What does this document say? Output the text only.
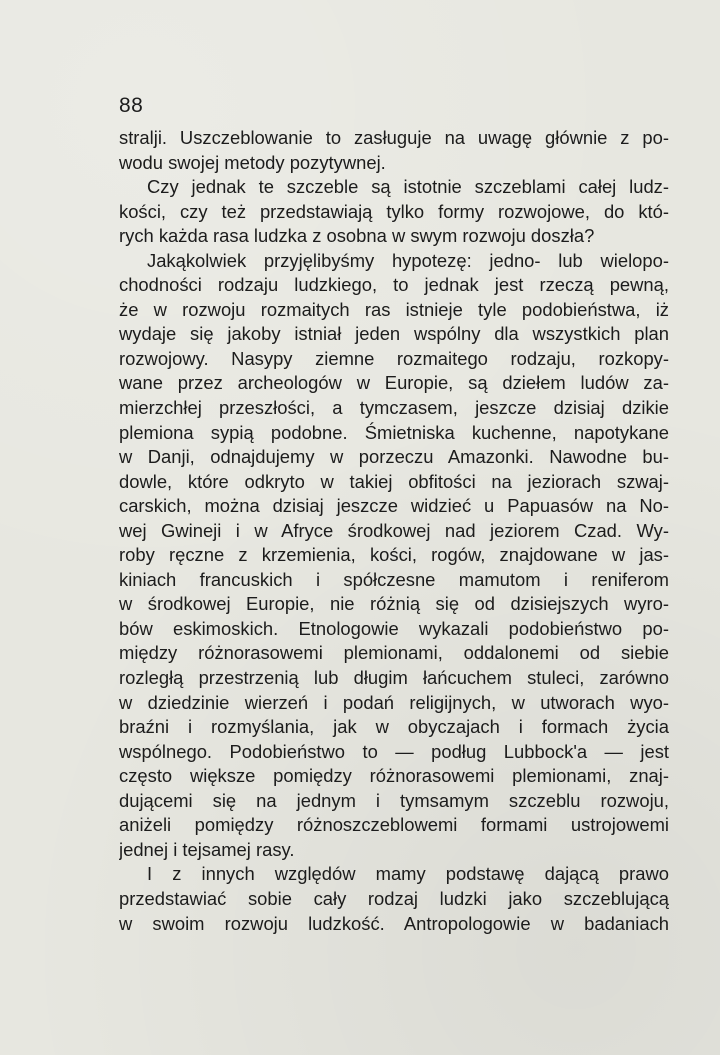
88
stralji. Uszczeblowanie to zasługuje na uwagę głównie z po-
wodu swojej metody pozytywnej.
Czy jednak te szczeble są istotnie szczeblami całej ludz-
kości, czy też przedstawiają tylko formy rozwojowe, do któ-
rych każda rasa ludzka z osobna w swym rozwoju doszła?
Jakąkolwiek przyjęlibyśmy hypotezę: jedno- lub wielopo-
chodności rodzaju ludzkiego, to jednak jest rzeczą pewną,
że w rozwoju rozmaitych ras istnieje tyle podobieństwa, iż
wydaje się jakoby istniał jeden wspólny dla wszystkich plan
rozwojowy. Nasypy ziemne rozmaitego rodzaju, rozkopy-
wane przez archeologów w Europie, są dziełem ludów za-
mierzchłej przeszłości, a tymczasem, jeszcze dzisiaj dzikie
plemiona sypią podobne. Śmietniska kuchenne, napotykane
w Danji, odnajdujemy w porzeczu Amazonki. Nawodne bu-
dowle, które odkryto w takiej obfitości na jeziorach szwaj-
carskich, można dzisiaj jeszcze widzieć u Papuasów na No-
wej Gwineji i w Afryce środkowej nad jeziorem Czad. Wy-
roby ręczne z krzemienia, kości, rogów, znajdowane w jas-
kiniach francuskich i spółczesne mamutom i reniferom
w środkowej Europie, nie różnią się od dzisiejszych wyro-
bów eskimoskich. Etnologowie wykazali podobieństwo po-
między różnorasowemi plemionami, oddalonemi od siebie
rozległą przestrzenią lub długim łańcuchem stuleci, zarówno
w dziedzinie wierzeń i podań religijnych, w utworach wyo-
braźni i rozmyślania, jak w obyczajach i formach życia
wspólnego. Podobieństwo to — podług Lubbock'a — jest
często większe pomiędzy różnorasowemi plemionami, znaj-
dującemi się na jednym i tymsamym szczeblu rozwoju,
aniżeli pomiędzy różnoszczeblowemi formami ustrojowemi
jednej i tejsamej rasy.
I z innych względów mamy podstawę dającą prawo
przedstawiać sobie cały rodzaj ludzki jako szczeblującą
w swoim rozwoju ludzkość. Antropologowie w badaniach
